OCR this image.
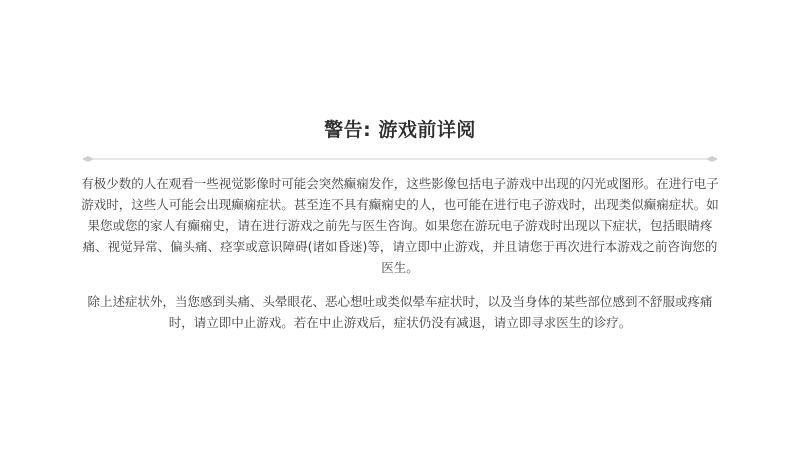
警告: 游戏前详阅

有极少数的人在观看一些视觉影像时可能会突然癫痫发作，这些影像包括电子游戏中出现的闪光或图形。在进行电子游戏时，这些人可能会出现癫痫症状。甚至连不具有癫痫史的人，也可能在进行电子游戏时，出现类似癫痫症状。如果您或您的家人有癫痫史，请在进行游戏之前先与医生咨询。如果您在游玩电子游戏时出现以下症状，包括眼睛疼痛、视觉异常、偏头痛、痉挛或意识障碍(诸如昏迷)等，请立即中止游戏，并且请您于再次进行本游戏之前咨询您的医生。

除上述症状外，当您感到头痛、头晕眼花、恶心想吐或类似晕车症状时，以及当身体的某些部位感到不舒服或疼痛时，请立即中止游戏。若在中止游戏后，症状仍没有减退，请立即寻求医生的诊疗。
